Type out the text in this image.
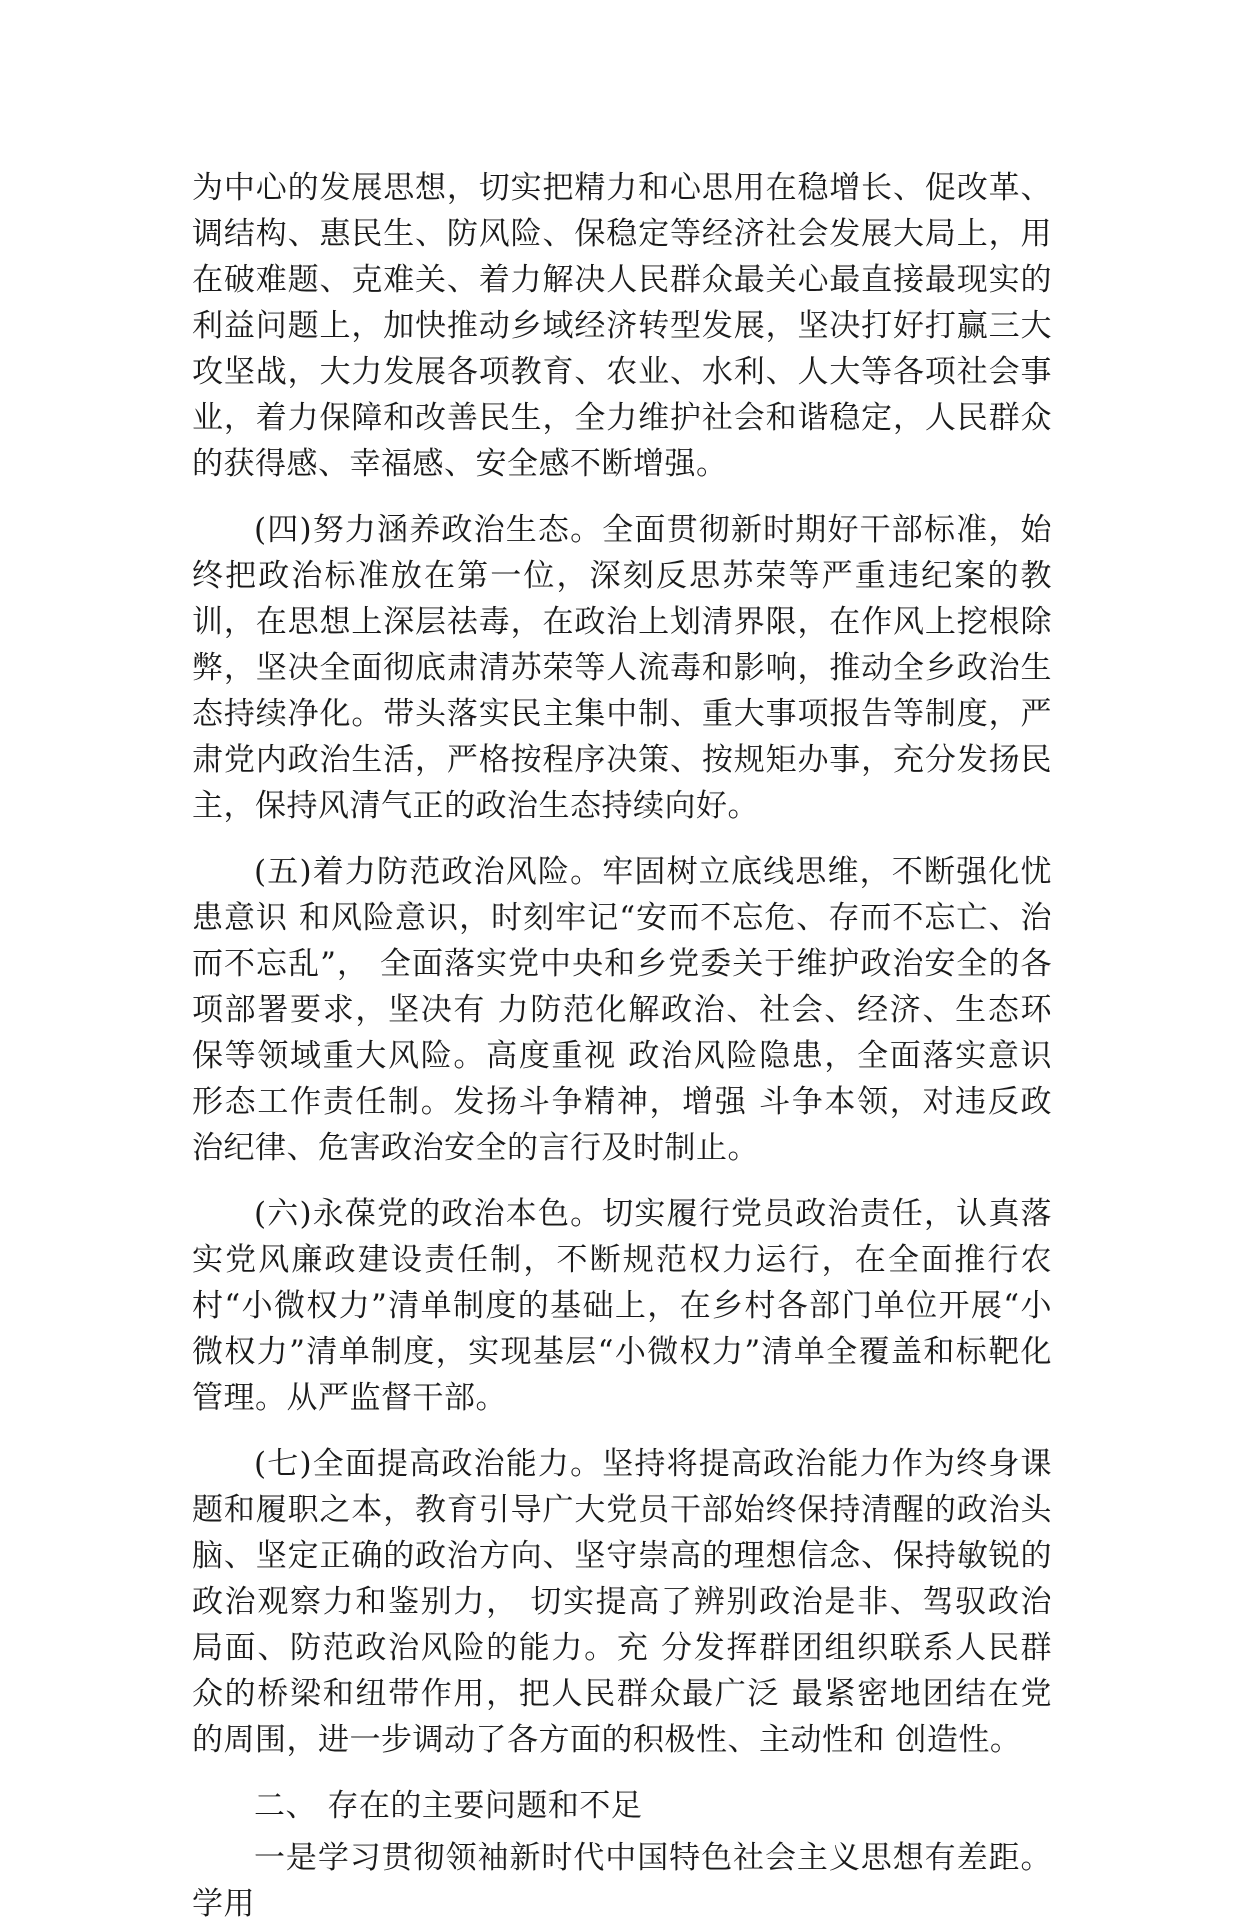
为中心的发展思想，切实把精力和心思用在稳增长、促改革、调结构、惠民生、防风险、保稳定等经济社会发展大局上，用在破难题、克难关、着力解决人民群众最关心最直接最现实的利益问题上，加快推动乡域经济转型发展，坚决打好打赢三大攻坚战，大力发展各项教育、农业、水利、人大等各项社会事业，着力保障和改善民生，全力维护社会和谐稳定，人民群众的获得感、幸福感、安全感不断增强。

(四)努力涵养政治生态。全面贯彻新时期好干部标准，始终把政治标准放在第一位，深刻反思苏荣等严重违纪案的教训，在思想上深层祛毒，在政治上划清界限，在作风上挖根除弊，坚决全面彻底肃清苏荣等人流毒和影响，推动全乡政治生态持续净化。带头落实民主集中制、重大事项报告等制度，严肃党内政治生活，严格按程序决策、按规矩办事，充分发扬民主，保持风清气正的政治生态持续向好。

(五)着力防范政治风险。牢固树立底线思维，不断强化忧患意识 和风险意识，时刻牢记“安而不忘危、存而不忘亡、治而不忘乱”， 全面落实党中央和乡党委关于维护政治安全的各项部署要求，坚决有 力防范化解政治、社会、经济、生态环保等领域重大风险。高度重视 政治风险隐患，全面落实意识形态工作责任制。发扬斗争精神，增强 斗争本领，对违反政治纪律、危害政治安全的言行及时制止。

(六)永葆党的政治本色。切实履行党员政治责任，认真落实党风廉政建设责任制，不断规范权力运行，在全面推行农村“小微权力”清单制度的基础上，在乡村各部门单位开展“小微权力”清单制度，实现基层“小微权力”清单全覆盖和标靶化管理。从严监督干部。

(七)全面提高政治能力。坚持将提高政治能力作为终身课题和履职之本，教育引导广大党员干部始终保持清醒的政治头脑、坚定正确的政治方向、坚守崇高的理想信念、保持敏锐的政治观察力和鉴别力， 切实提高了辨别政治是非、驾驭政治局面、防范政治风险的能力。充 分发挥群团组织联系人民群众的桥梁和纽带作用，把人民群众最广泛 最紧密地团结在党的周围，进一步调动了各方面的积极性、主动性和 创造性。

二、 存在的主要问题和不足

一是学习贯彻领袖新时代中国特色社会主义思想有差距。学用
